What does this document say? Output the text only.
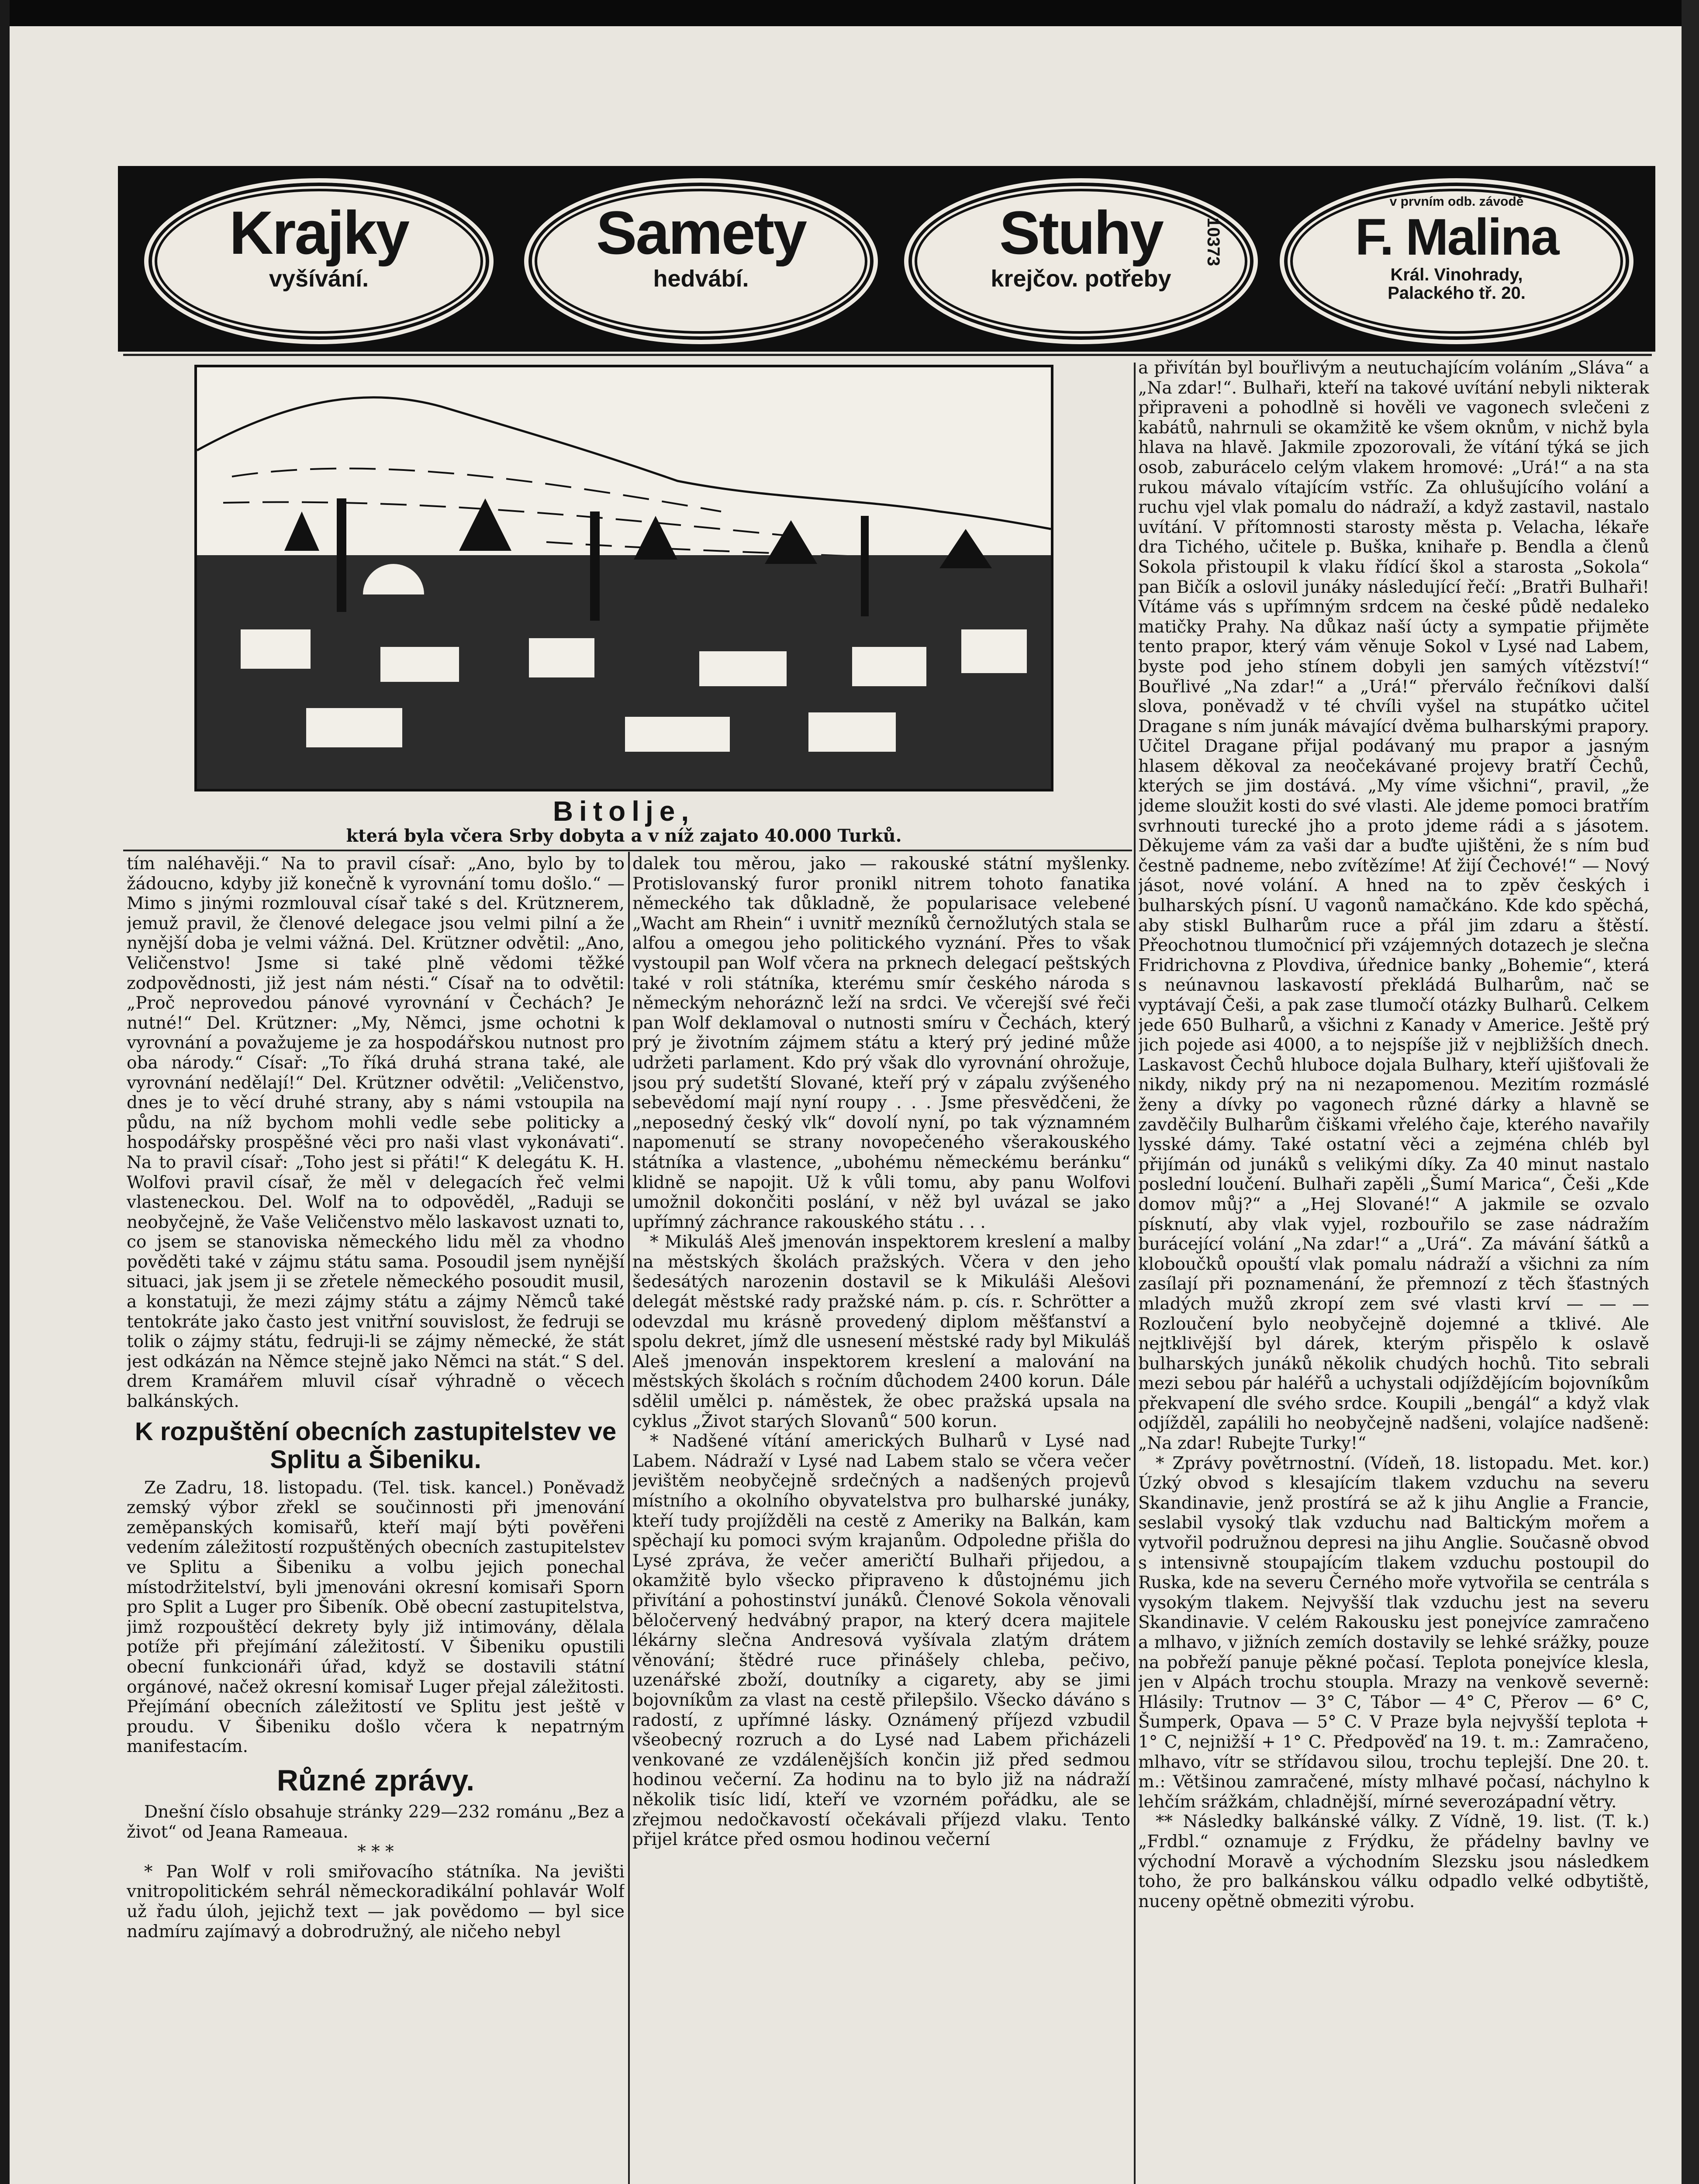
Krajky
vyšívání.
Samety
hedvábí.
Stuhy
krejčov. potřeby
10373
v prvním odb. závodě
F. Malina
Král. Vinohrady,
Palackého tř. 20.
Bitolje,
která byla včera Srby dobyta a v níž zajato 40.000 Turků.

tím naléhavěji.“ Na to pravil císař: „Ano, bylo by to žádoucno, kdyby již konečně k vyrovnání tomu došlo.“ — Mimo s jinými rozmlouval císař také s del. Krütznerem, jemuž pravil, že členové delegace jsou velmi pilní a že nynější doba je velmi vážná. Del. Krützner odvětil: „Ano, Veličenstvo! Jsme si také plně vědomi těžké zodpovědnosti, již jest nám nésti.“ Císař na to odvětil: „Proč neprovedou pánové vyrovnání v Čechách? Je nutné!“ Del. Krützner: „My, Němci, jsme ochotni k vyrovnání a považujeme je za hospodářskou nutnost pro oba národy.“ Císař: „To říká druhá strana také, ale vyrovnání nedělají!“ Del. Krützner odvětil: „Veličenstvo, dnes je to věcí druhé strany, aby s námi vstoupila na půdu, na níž bychom mohli vedle sebe politicky a hospodářsky prospěšné věci pro naši vlast vykonávati“. Na to pravil císař: „Toho jest si přáti!“ K delegátu K. H. Wolfovi pravil císař, že měl v delegacích řeč velmi vlasteneckou. Del. Wolf na to odpověděl, „Raduji se neobyčejně, že Vaše Veličenstvo mělo laskavost uznati to, co jsem se stanoviska německého lidu měl za vhodno pověděti také v zájmu státu sama. Posoudil jsem nynější situaci, jak jsem ji se zřetele německého posoudit musil, a konstatuji, že mezi zájmy státu a zájmy Němců také tentokráte jako často jest vnitřní souvislost, že fedruji se tolik o zájmy státu, fedruji-li se zájmy německé, že stát jest odkázán na Němce stejně jako Němci na stát.“ S del. drem Kramářem mluvil císař výhradně o věcech balkánských.

K rozpuštění obecních zastupitelstev ve Splitu a Šibeniku.

Ze Zadru, 18. listopadu. (Tel. tisk. kancel.) Poněvadž zemský výbor zřekl se součinnosti při jmenování zeměpanských komisařů, kteří mají býti pověřeni vedením záležitostí rozpuštěných obecních zastupitelstev ve Splitu a Šibeniku a volbu jejich ponechal místodržitelství, byli jmenováni okresní komisaři Sporn pro Split a Luger pro Šibeník. Obě obecní zastupitelstva, jimž rozpouštěcí dekrety byly již intimovány, dělala potíže při přejímání záležitostí. V Šibeniku opustili obecní funkcionáři úřad, když se dostavili státní orgánové, načež okresní komisař Luger přejal záležitosti. Přejímání obecních záležitostí ve Splitu jest ještě v proudu. V Šibeniku došlo včera k nepatrným manifestacím.

Různé zprávy.

Dnešní číslo obsahuje stránky 229—232 románu „Bez a život“ od Jeana Rameaua.

* * *

* Pan Wolf v roli smiřovacího státníka. Na jevišti vnitropolitickém sehrál německoradikální pohlavár Wolf už řadu úloh, jejichž text — jak povědomo — byl sice nadmíru zajímavý a dobrodružný, ale ničeho nebyl

dalek tou měrou, jako — rakouské státní myšlenky. Protislovanský furor pronikl nitrem tohoto fanatika německého tak důkladně, že popularisace velebené „Wacht am Rhein“ i uvnitř mezníků černožlutých stala se alfou a omegou jeho politického vyznání. Přes to však vystoupil pan Wolf včera na prknech delegací peštských také v roli státníka, kterému smír českého národa s německým nehoráznč leží na srdci. Ve včerejší své řeči pan Wolf deklamoval o nutnosti smíru v Čechách, který prý je životním zájmem státu a který prý jediné může udržeti parlament. Kdo prý však dlo vyrovnání ohrožuje, jsou prý sudetští Slované, kteří prý v zápalu zvýšeného sebevědomí mají nyní roupy . . . Jsme přesvědčeni, že „neposedný český vlk“ dovolí nyní, po tak významném napomenutí se strany novopečeného všerakouského státníka a vlastence, „ubohému německému beránku“ klidně se napojit. Už k vůli tomu, aby panu Wolfovi umožnil dokončiti poslání, v něž byl uvázal se jako upřímný záchrance rakouského státu . . .

* Mikuláš Aleš jmenován inspektorem kreslení a malby na městských školách pražských. Včera v den jeho šedesátých narozenin dostavil se k Mikuláši Alešovi delegát městské rady pražské nám. p. cís. r. Schrötter a odevzdal mu krásně provedený diplom měšťanství a spolu dekret, jímž dle usnesení městské rady byl Mikuláš Aleš jmenován inspektorem kreslení a malování na městských školách s ročním důchodem 2400 korun. Dále sdělil umělci p. náměstek, že obec pražská upsala na cyklus „Život starých Slovanů“ 500 korun.

* Nadšené vítání amerických Bulharů v Lysé nad Labem. Nádraží v Lysé nad Labem stalo se včera večer jevištěm neobyčejně srdečných a nadšených projevů místního a okolního obyvatelstva pro bulharské junáky, kteří tudy projížděli na cestě z Ameriky na Balkán, kam spěchají ku pomoci svým krajanům. Odpoledne přišla do Lysé zpráva, že večer američtí Bulhaři přijedou, a okamžitě bylo všecko připraveno k důstojnému jich přivítání a pohostinství junáků. Členové Sokola věnovali běločervený hedvábný prapor, na který dcera majitele lékárny slečna Andresová vyšívala zlatým drátem věnování; štědré ruce přinášely chleba, pečivo, uzenářské zboží, doutníky a cigarety, aby se jimi bojovníkům za vlast na cestě přilepšilo. Všecko dáváno s radostí, z upřímné lásky. Oznámený příjezd vzbudil všeobecný rozruch a do Lysé nad Labem přicházeli venkované ze vzdálenějších končin již před sedmou hodinou večerní. Za hodinu na to bylo již na nádraží několik tisíc lidí, kteří ve vzorném pořádku, ale se zřejmou nedočkavostí očekávali příjezd vlaku. Tento přijel krátce před osmou hodinou večerní

a přivítán byl bouřlivým a neutuchajícím voláním „Sláva“ a „Na zdar!“. Bulhaři, kteří na takové uvítání nebyli nikterak připraveni a pohodlně si hověli ve vagonech svlečeni z kabátů, nahrnuli se okamžitě ke všem oknům, v nichž byla hlava na hlavě. Jakmile zpozorovali, že vítání týká se jich osob, zaburácelo celým vlakem hromové: „Urá!“ a na sta rukou mávalo vítajícím vstříc. Za ohlušujícího volání a ruchu vjel vlak pomalu do nádraží, a když zastavil, nastalo uvítání. V přítomnosti starosty města p. Velacha, lékaře dra Tichého, učitele p. Buška, knihaře p. Bendla a členů Sokola přistoupil k vlaku řídící škol a starosta „Sokola“ pan Bičík a oslovil junáky následující řečí: „Bratři Bulhaři! Vítáme vás s upřímným srdcem na české půdě nedaleko matičky Prahy. Na důkaz naší úcty a sympatie přijměte tento prapor, který vám věnuje Sokol v Lysé nad Labem, byste pod jeho stínem dobyli jen samých vítězství!“ Bouřlivé „Na zdar!“ a „Urá!“ přerválo řečníkovi další slova, poněvadž v té chvíli vyšel na stupátko učitel Dragane s ním junák mávající dvěma bulharskými prapory. Učitel Dragane přijal podávaný mu prapor a jasným hlasem děkoval za neočekávané projevy bratří Čechů, kterých se jim dostává. „My víme všichni“, pravil, „že jdeme sloužit kosti do své vlasti. Ale jdeme pomoci bratřím svrhnouti turecké jho a proto jdeme rádi a s jásotem. Děkujeme vám za vaši dar a buďte ujištěni, že s ním buď čestně padneme, nebo zvítězíme! Ať žijí Čechové!“ — Nový jásot, nové volání. A hned na to zpěv českých i bulharských písní. U vagonů namačkáno. Kde kdo spěchá, aby stiskl Bulharům ruce a přál jim zdaru a štěstí. Přeochotnou tlumočnicí při vzájemných dotazech je slečna Fridrichovna z Plovdiva, úřednice banky „Bohemie“, která s neúnavnou laskavostí překládá Bulharům, nač se vyptávají Češi, a pak zase tlumočí otázky Bulharů. Celkem jede 650 Bulharů, a všichni z Kanady v Americe. Ještě prý jich pojede asi 4000, a to nejspíše již v nejbližších dnech. Laskavost Čechů hluboce dojala Bulhary, kteří ujišťovali že nikdy, nikdy prý na ni nezapomenou. Mezitím rozmáslé ženy a dívky po vagonech různé dárky a hlavně se zavděčily Bulharům čiškami vřelého čaje, kterého navařily lysské dámy. Také ostatní věci a zejména chléb byl přijímán od junáků s velikými díky. Za 40 minut nastalo poslední loučení. Bulhaři zapěli „Šumí Marica“, Češi „Kde domov můj?“ a „Hej Slované!“ A jakmile se ozvalo písknutí, aby vlak vyjel, rozbouřilo se zase nádražím burácející volání „Na zdar!“ a „Urá“. Za mávání šátků a kloboučků opouští vlak pomalu nádraží a všichni za ním zasílají při poznamenání, že přemnozí z těch šťastných mladých mužů zkropí zem své vlasti krví — — — Rozloučení bylo neobyčejně dojemné a tklivé. Ale nejtklivější byl dárek, kterým přispělo k oslavě bulharských junáků několik chudých hochů. Tito sebrali mezi sebou pár haléřů a uchystali odjíždějícím bojovníkům překvapení dle svého srdce. Koupili „bengál“ a když vlak odjížděl, zapálili ho neobyčejně nadšeni, volajíce nadšeně: „Na zdar! Rubejte Turky!“

* Zprávy povětrnostní. (Vídeň, 18. listopadu. Met. kor.) Úzký obvod s klesajícím tlakem vzduchu na severu Skandinavie, jenž prostírá se až k jihu Anglie a Francie, seslabil vysoký tlak vzduchu nad Baltickým mořem a vytvořil podružnou depresi na jihu Anglie. Současně obvod s intensivně stoupajícím tlakem vzduchu postoupil do Ruska, kde na severu Černého moře vytvořila se centrála s vysokým tlakem. Nejvyšší tlak vzduchu jest na severu Skandinavie. V celém Rakousku jest ponejvíce zamračeno a mlhavo, v jižních zemích dostavily se lehké srážky, pouze na pobřeží panuje pěkné počasí. Teplota ponejvíce klesla, jen v Alpách trochu stoupla. Mrazy na venkově severně: Hlásily: Trutnov — 3° C, Tábor — 4° C, Přerov — 6° C, Šumperk, Opava — 5° C. V Praze byla nejvyšší teplota + 1° C, nejnižší + 1° C. Předpověď na 19. t. m.: Zamračeno, mlhavo, vítr se střídavou silou, trochu teplejší. Dne 20. t. m.: Většinou zamračené, místy mlhavé počasí, náchylno k lehčím srážkám, chladnější, mírné severozápadní větry.

** Následky balkánské války. Z Vídně, 19. list. (T. k.) „Frdbl.“ oznamuje z Frýdku, že přádelny bavlny ve východní Moravě a východním Slezsku jsou následkem toho, že pro balkánskou válku odpadlo velké odbytiště, nuceny opětně obmeziti výrobu.
